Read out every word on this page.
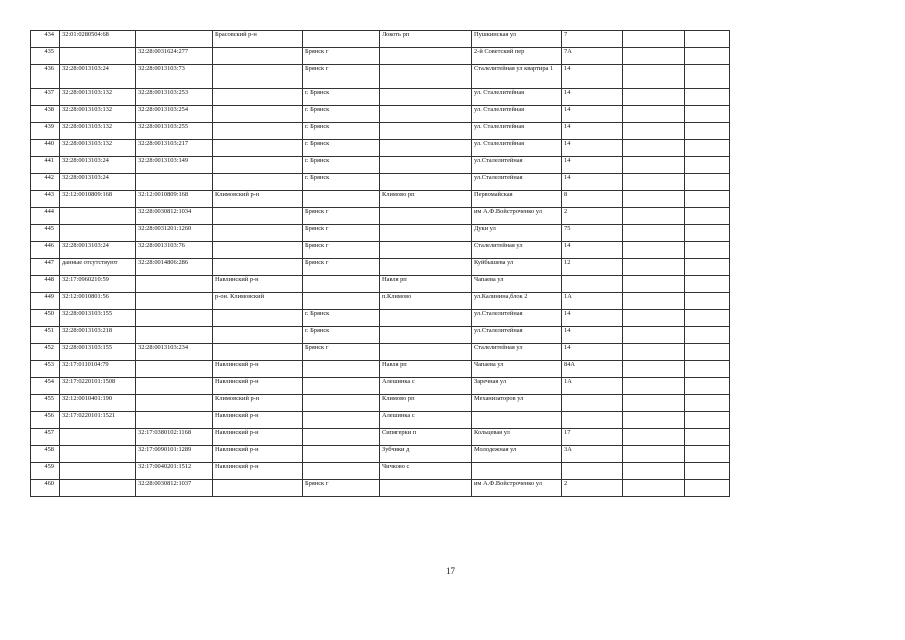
434	32:01:0280504:68		Брасовский р-н		Локоть рп	Пушкинская ул	7		
435		32:28:0031624:277		Брянск г		2-й Советский пер	7А		
436	32:28:0013103:24	32:28:0013103:73		Брянск г		Сталелитейная ул квартира 1	14		
437	32:28:0013103:132	32:28:0013103:253		г. Брянск		ул. Сталелитейная	14		
438	32:28:0013103:132	32:28:0013103:254		г. Брянск		ул. Сталелитейная	14		
439	32:28:0013103:132	32:28:0013103:255		г. Брянск		ул. Сталелитейная	14		
440	32:28:0013103:132	32:28:0013103:217		г. Брянск		ул. Сталелитейная	14		
441	32:28:0013103:24	32:28:0013103:149		г. Брянск		ул.Сталелитейная	14		
442	32:28:0013103:24			г. Брянск		ул.Сталелитейная	14		
443	32:12:0010809:168	32:12:0010809:168	Климовский р-н		Климово рп	Первомайская	8		
444		32:28:0030812:1034		Брянск г		им А.Ф.Войстроченко ул	2		
445		32:28:0031201:1260		Брянск г		Дуки ул	75		
446	32:28:0013103:24	32:28:0013103:76		Брянск г		Сталелитейная ул	14		
447	данные отсутствуют	32:28:0014806:286		Брянск г		Куйбышева ул	12		
448	32:17:0960210:59		Навлинский р-н		Навля рп	Чапаева ул			
449	32:12:0010801:56		р-он. Климовский		п.Климово	ул.Калинина,блок 2	1А		
450	32:28:0013103:155			г. Брянск		ул.Сталелитейная	14		
451	32:28:0013103:218			г. Брянск		ул.Сталелитейная	14		
452	32:28:0013103:155	32:28:0013103:234		Брянск г		Сталелитейная ул	14		
453	32:17:0110104:79		Навлинский р-н		Навля рп	Чапаева ул	84А		
454	32:17:0220101:1508		Навлинский р-н		Алешинка с	Заречная ул	1А		
455	32:12:0010401:190		Климовский р-н		Климово рп	Механизаторов ул			
456	32:17:0220101:1521		Навлинский р-н		Алешинка с				
457		32:17:0380102:1168	Навлинский р-н		Сипягерки п	Кольцевая ул	17		
458		32:17:0090101:1289	Навлинский р-н		Зубчики д	Молодежная ул	3А		
459		32:17:0040201:1512	Навлинский р-н		Чичково с				
460		32:28:0030812:1037		Брянск г		им А.Ф.Войстроченко ул	2		
17
